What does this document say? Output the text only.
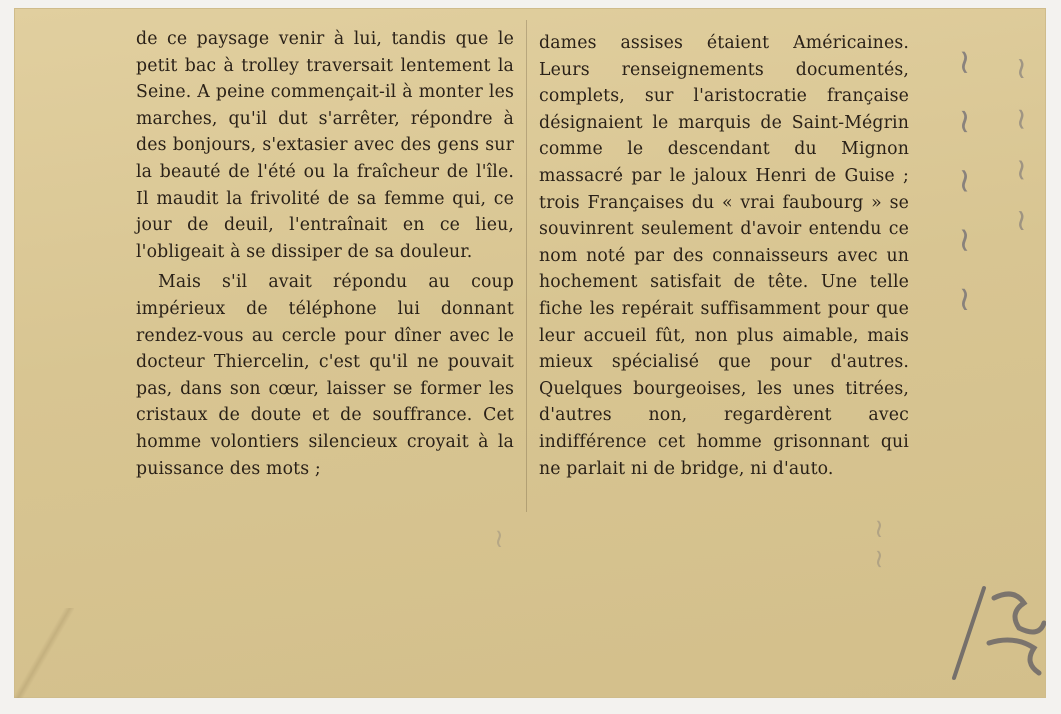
de ce paysage venir à lui, tandis que le petit bac à trolley traversait lentement la Seine. A peine commençait-il à monter les marches, qu'il dut s'arrêter, répondre à des bonjours, s'extasier avec des gens sur la beauté de l'été ou la fraîcheur de l'île. Il maudit la frivolité de sa femme qui, ce jour de deuil, l'entraînait en ce lieu, l'obligeait à se dissiper de sa douleur.

Mais s'il avait répondu au coup impérieux de téléphone lui donnant rendez-vous au cercle pour dîner avec le docteur Thiercelin, c'est qu'il ne pouvait pas, dans son cœur, laisser se former les cristaux de doute et de souffrance. Cet homme volontiers silencieux croyait à la puissance des mots ;

dames assises étaient Américaines. Leurs renseignements documentés, complets, sur l'aristocratie française désignaient le marquis de Saint-Mégrin comme le descendant du Mignon massacré par le jaloux Henri de Guise ; trois Françaises du « vrai faubourg » se souvinrent seulement d'avoir entendu ce nom noté par des connaisseurs avec un hochement satisfait de tête. Une telle fiche les repérait suffisamment pour que leur accueil fût, non plus aimable, mais mieux spécialisé que pour d'autres. Quelques bourgeoises, les unes titrées, d'autres non, regardèrent avec indifférence cet homme grisonnant qui ne parlait ni de bridge, ni d'auto.

~ ~ ~ ~ ~ ~ ~ ~ ~
~ ~
~
